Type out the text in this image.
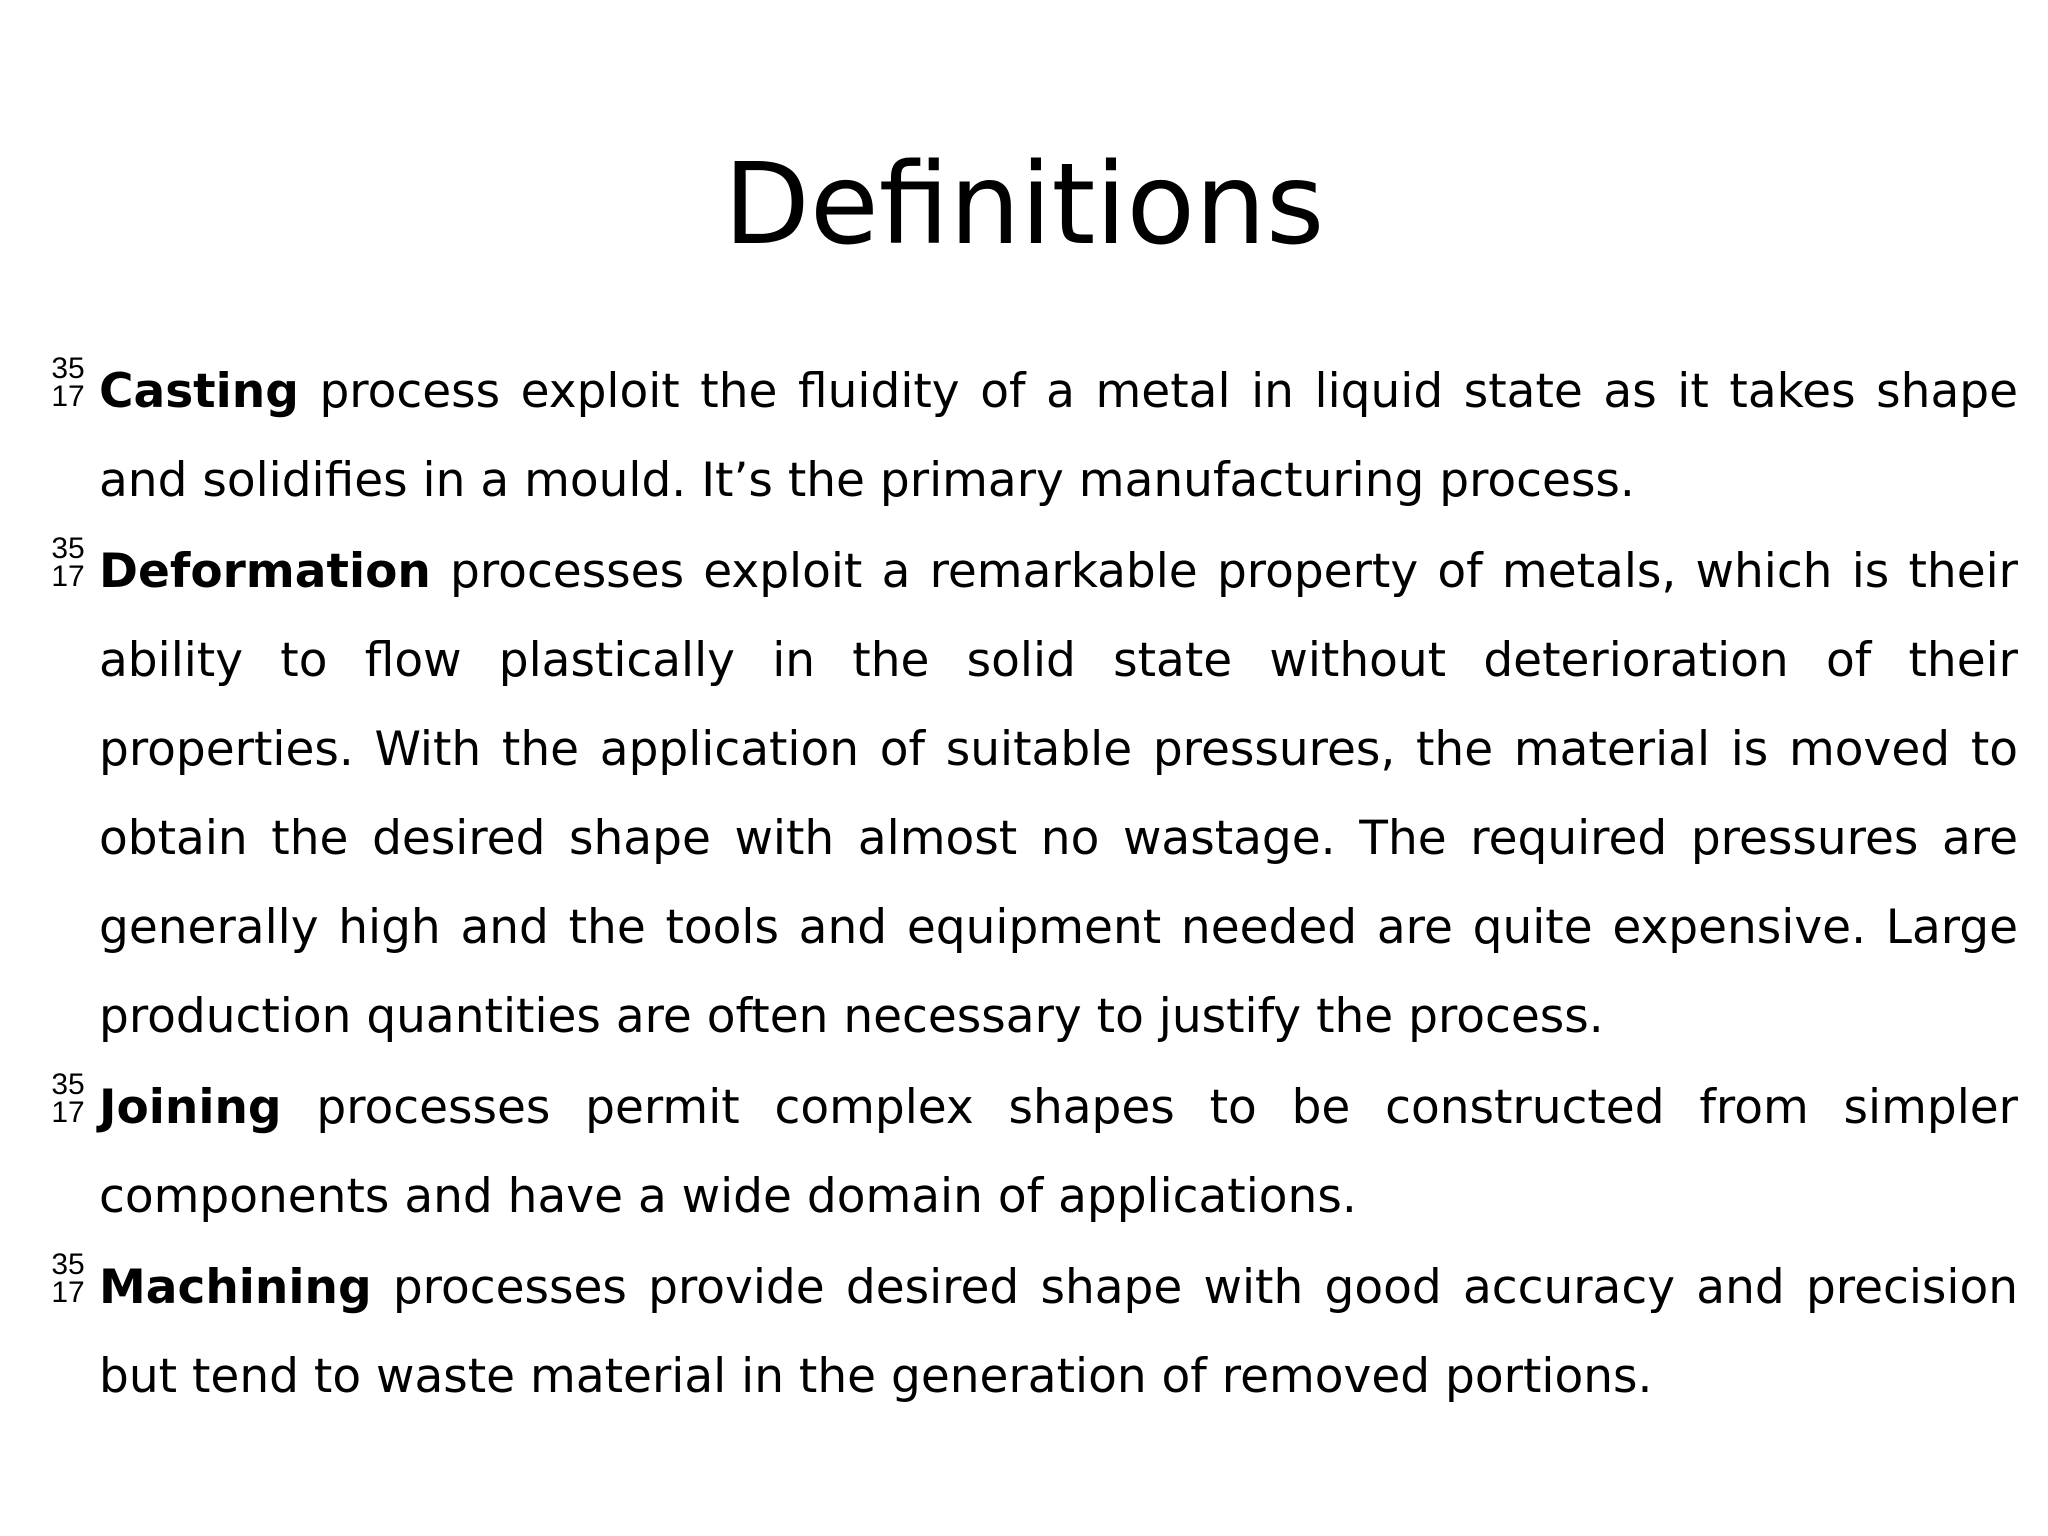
Definitions
35
17 Casting process exploit the fluidity of a metal in liquid state as it takes shape and solidifies in a mould. It’s the primary manufacturing process.
35
17 Deformation processes exploit a remarkable property of metals, which is their ability to flow plastically in the solid state without deterioration of their properties. With the application of suitable pressures, the material is moved to obtain the desired shape with almost no wastage. The required pressures are generally high and the tools and equipment needed are quite expensive. Large production quantities are often necessary to justify the process.
35
17 Joining processes permit complex shapes to be constructed from simpler components and have a wide domain of applications.
35
17 Machining processes provide desired shape with good accuracy and precision but tend to waste material in the generation of removed portions.
